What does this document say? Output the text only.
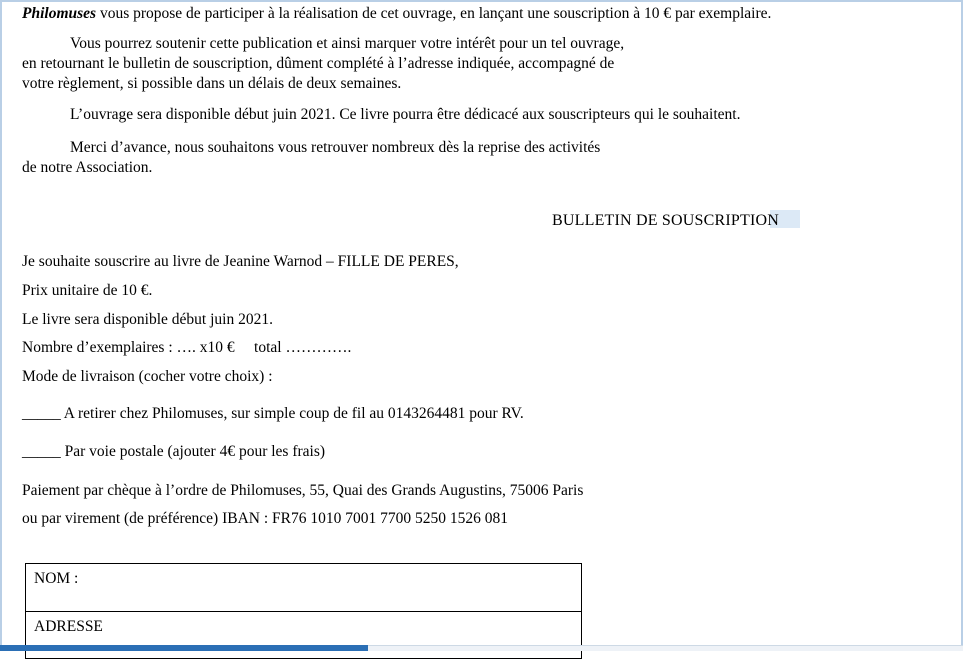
Philomuses vous propose de participer à la réalisation de cet ouvrage, en lançant une souscription à 10 € par exemplaire.

Vous pourrez soutenir cette publication et ainsi marquer votre intérêt pour un tel ouvrage,

en retournant le bulletin de souscription, dûment complété à l’adresse indiquée, accompagné de

votre règlement, si possible dans un délais de deux semaines.

L’ouvrage sera disponible début juin 2021. Ce livre pourra être dédicacé aux souscripteurs qui le souhaitent.

Merci d’avance, nous souhaitons vous retrouver nombreux dès la reprise des activités

de notre Association.

BULLETIN DE SOUSCRIPTION
Je souhaite souscrire au livre de Jeanine Warnod – FILLE DE PERES,
Prix unitaire de 10 €.
Le livre sera disponible début juin 2021.
Nombre d’exemplaires : …. x10 €     total ………….
Mode de livraison (cocher votre choix) :
_____ A retirer chez Philomuses, sur simple coup de fil au 0143264481 pour RV.
_____ Par voie postale (ajouter 4€ pour les frais)
Paiement par chèque à l’ordre de Philomuses, 55, Quai des Grands Augustins, 75006 Paris
ou par virement (de préférence) IBAN : FR76 1010 7001 7700 5250 1526 081
NOM :
ADRESSE
